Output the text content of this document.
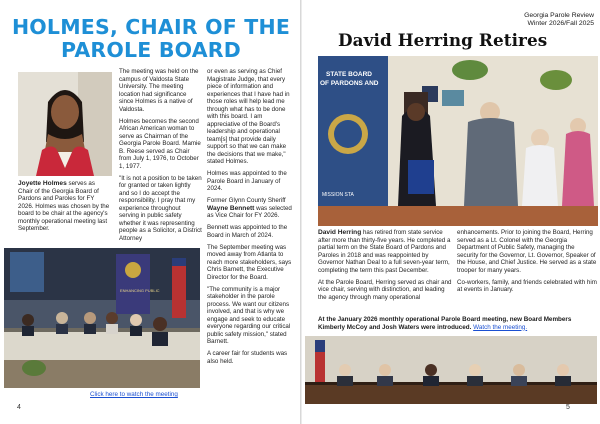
HOLMES, CHAIR OF THE PAROLE BOARD

Joyette Holmes serves as Chair of the Georgia Board of Pardons and Paroles for FY 2026. Holmes was chosen by the board to be chair at the agency's monthly operational meeting last September.

The meeting was held on the campus of Valdosta State University. The meeting location had significance since Holmes is a native of Valdosta.

Holmes becomes the second African American woman to serve as Chairman of the Georgia Parole Board. Mamie B. Reese served as Chair from July 1, 1976, to October 1, 1977.

"It is not a position to be taken for granted or taken lightly and so I do accept the responsibility. I pray that my experience throughout serving in public safety whether it was representing people as a Solicitor, a District Attorney

or even as serving as Chief Magistrate Judge, that every piece of information and experiences that I have had in those roles will help lead me through what has to be done with this board. I am appreciative of the Board's leadership and operational team[s] that provide daily support so that we can make the decisions that we make," stated Holmes.

Holmes was appointed to the Parole Board in January of 2024.

Former Glynn County Sheriff Wayne Bennett was selected as Vice Chair for FY 2026.

Bennett was appointed to the Board in March of 2024.

The September meeting was moved away from Atlanta to reach more stakeholders, says Chris Barnett, the Executive Director for the Board.

"The community is a major stakeholder in the parole process. We want our citizens involved, and that is why we engage and seek to educate everyone regarding our critical public safety mission," stated Barnett.

A career fair for students was also held.

ENHANCING PUBLIC
Click here to watch the meeting
4
Georgia Parole Review
Winter 2026/Fall 2025
David Herring Retires
STATE BOARD
OF PARDONS AND
MISSION STA

David Herring has retired from state service after more than thirty-five years. He completed a partial term on the State Board of Pardons and Paroles in 2018 and was reappointed by Governor Nathan Deal to a full seven-year term, completing the term this past December.

At the Parole Board, Herring served as chair and vice chair, serving with distinction, and leading the agency through many operational

enhancements. Prior to joining the Board, Herring served as a Lt. Colonel with the Georgia Department of Public Safety, managing the security for the Governor, Lt. Governor, Speaker of the House, and Chief Justice. He served as a state trooper for many years.

Co-workers, family, and friends celebrated with him at events in January.

At the January 2026 monthly operational Parole Board meeting, new Board Members Kimberly McCoy and Josh Waters were introduced. Watch the meeting.
5
